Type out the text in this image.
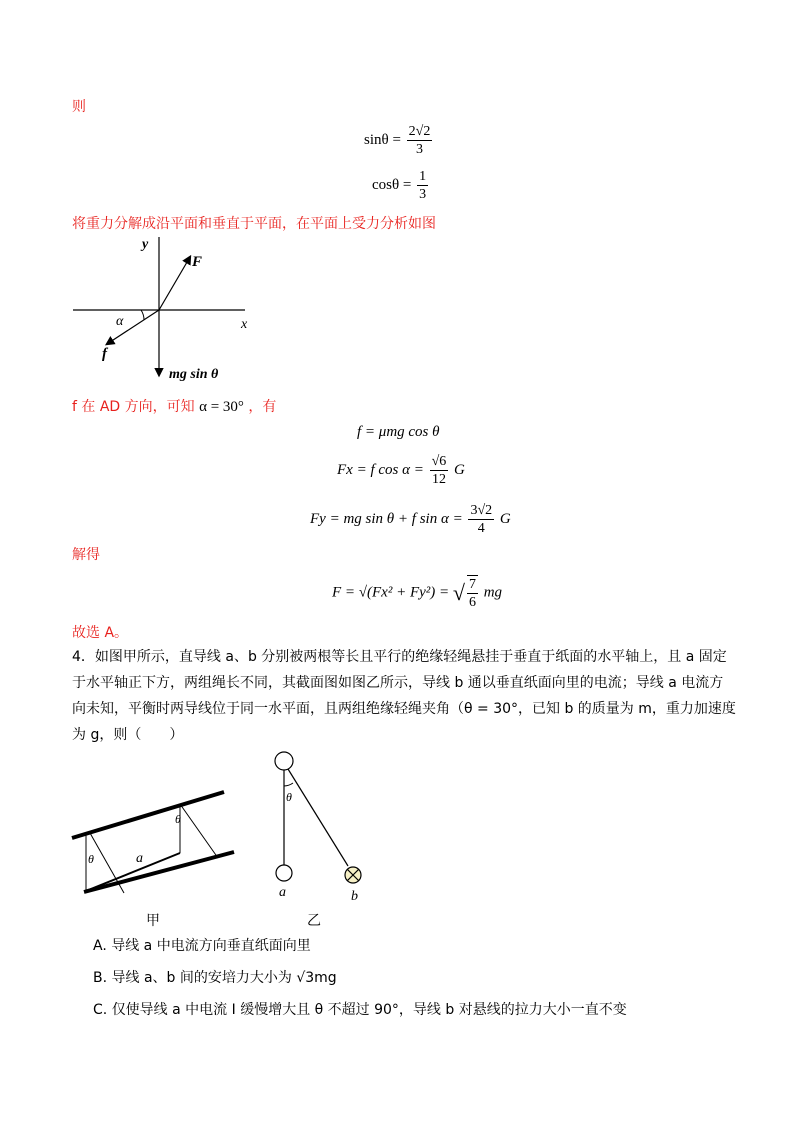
则
$\sin\theta = \frac{2√2}{3}$
$\cos\theta = \frac{1}{3}$
将重力分解成沿平面和垂直于平面，在平面上受力分析如图
y
x
F
f
α
mg sin θ
f 在 AD 方向，可知 α = 30° ，有
f = μmg cos θ
Fx = f $\cos \alpha = \frac{√6}{12}$ G
Fy = mg sin θ + f $\sin \alpha = \frac{3√2}{4}$ G
解得
F = √(Fx² + Fy²) = √ $\frac{7}{6}$ mg
故选 A。
4．如图甲所示，直导线 a、b 分别被两根等长且平行的绝缘轻绳悬挂于垂直于纸面的水平轴上，且 a 固定
于水平轴正下方，两组绳长不同，其截面图如图乙所示，导线 b 通以垂直纸面向里的电流；导线 a 电流方
向未知，平衡时两导线位于同一水平面，且两组绝缘轻绳夹角（θ = 30°，已知 b 的质量为 m，重力加速度
为 g，则（　　）
θ
θ
a
甲
θ
a	b
乙
A. 导线 a 中电流方向垂直纸面向里
B. 导线 a、b 间的安培力大小为 √3mg
C. 仅使导线 a 中电流 I 缓慢增大且 θ 不超过 90°，导线 b 对悬线的拉力大小一直不变
